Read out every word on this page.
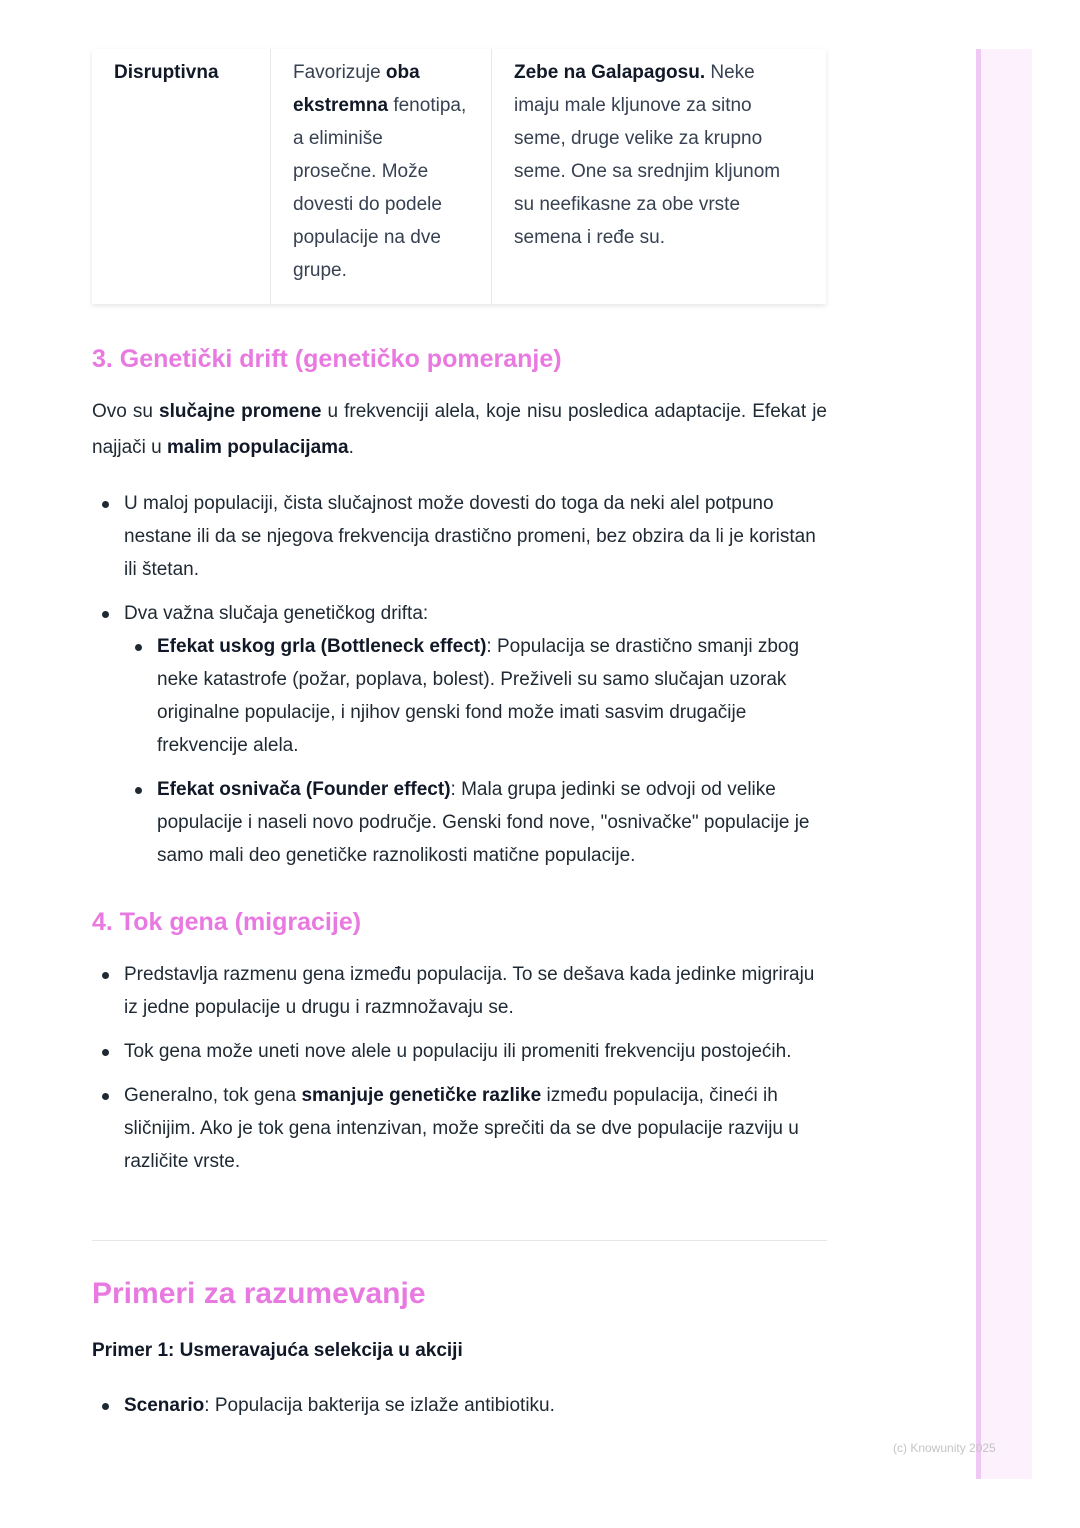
Disruptivna	Favorizuje oba ekstremna fenotipa, a eliminiše prosečne. Može dovesti do podele populacije na dve grupe.	Zebe na Galapagosu. Neke imaju male kljunove za sitno seme, druge velike za krupno seme. One sa srednjim kljunom su neefikasne za obe vrste semena i ređe su.
3. Genetički drift (genetičko pomeranje)

Ovo su slučajne promene u frekvenciji alela, koje nisu posledica adaptacije. Efekat je najjači u malim populacijama.

U maloj populaciji, čista slučajnost može dovesti do toga da neki alel potpuno nestane ili da se njegova frekvencija drastično promeni, bez obzira da li je koristan ili štetan.
Dva važna slučaja genetičkog drifta:
Efekat uskog grla (Bottleneck effect): Populacija se drastično smanji zbog neke katastrofe (požar, poplava, bolest). Preživeli su samo slučajan uzorak originalne populacije, i njihov genski fond može imati sasvim drugačije frekvencije alela.
Efekat osnivača (Founder effect): Mala grupa jedinki se odvoji od velike populacije i naseli novo područje. Genski fond nove, "osnivačke" populacije je samo mali deo genetičke raznolikosti matične populacije.
4. Tok gena (migracije)
Predstavlja razmenu gena između populacija. To se dešava kada jedinke migriraju iz jedne populacije u drugu i razmnožavaju se.
Tok gena može uneti nove alele u populaciju ili promeniti frekvenciju postojećih.
Generalno, tok gena smanjuje genetičke razlike između populacija, čineći ih sličnijim. Ako je tok gena intenzivan, može sprečiti da se dve populacije razviju u različite vrste.
Primeri za razumevanje
Primer 1: Usmeravajuća selekcija u akciji
Scenario: Populacija bakterija se izlaže antibiotiku.
(c) Knowunity 2025
